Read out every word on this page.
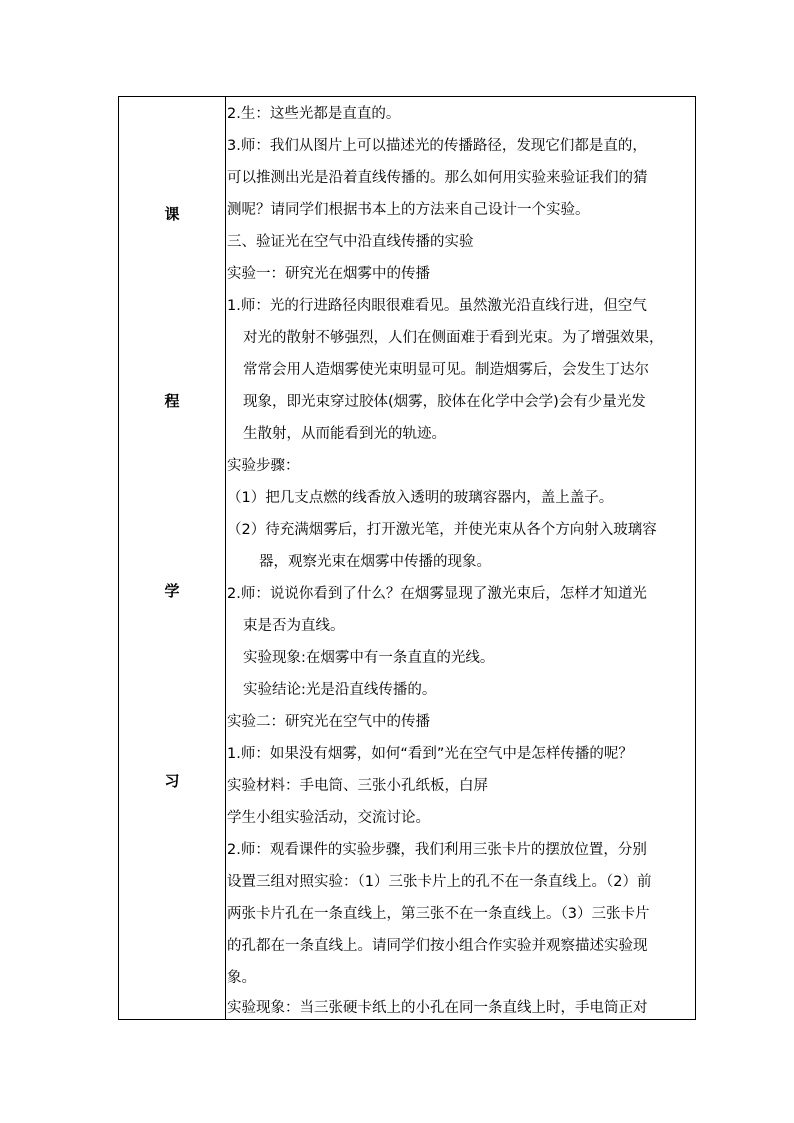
课
程
学
习
2.生：这些光都是直直的。
3.师：我们从图片上可以描述光的传播路径，发现它们都是直的，
可以推测出光是沿着直线传播的。那么如何用实验来验证我们的猜
测呢？请同学们根据书本上的方法来自己设计一个实验。
三、验证光在空气中沿直线传播的实验
实验一：研究光在烟雾中的传播
1.师：光的行进路径肉眼很难看见。虽然激光沿直线行进，但空气
对光的散射不够强烈，人们在侧面难于看到光束。为了增强效果，
常常会用人造烟雾使光束明显可见。制造烟雾后，会发生丁达尔
现象，即光束穿过胶体(烟雾，胶体在化学中会学)会有少量光发
生散射，从而能看到光的轨迹。
实验步骤：
（1）把几支点燃的线香放入透明的玻璃容器内，盖上盖子。
（2）待充满烟雾后，打开激光笔，并使光束从各个方向射入玻璃容
器，观察光束在烟雾中传播的现象。
2.师：说说你看到了什么？在烟雾显现了激光束后，怎样才知道光
束是否为直线。
实验现象:在烟雾中有一条直直的光线。
实验结论:光是沿直线传播的。
实验二：研究光在空气中的传播
1.师：如果没有烟雾，如何“看到”光在空气中是怎样传播的呢？
实验材料：手电筒、三张小孔纸板，白屏
学生小组实验活动，交流讨论。
2.师：观看课件的实验步骤，我们利用三张卡片的摆放位置，分别
设置三组对照实验：（1）三张卡片上的孔不在一条直线上。（2）前
两张卡片孔在一条直线上，第三张不在一条直线上。（3）三张卡片
的孔都在一条直线上。请同学们按小组合作实验并观察描述实验现
象。
实验现象：当三张硬卡纸上的小孔在同一条直线上时，手电筒正对
